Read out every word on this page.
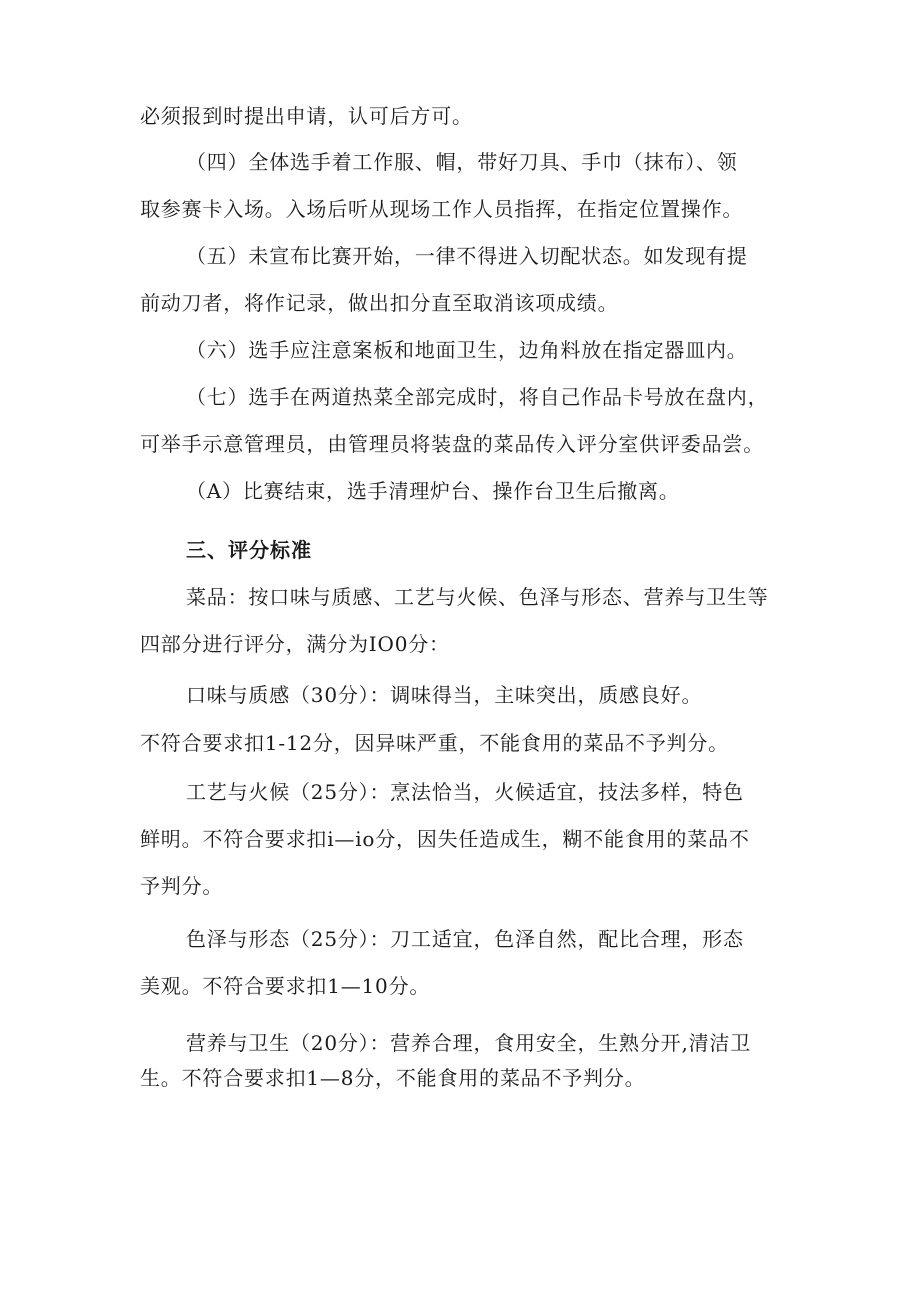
必须报到时提出申请，认可后方可。
（四）全体选手着工作服、帽，带好刀具、手巾（抹布）、领
取参赛卡入场。入场后听从现场工作人员指挥，在指定位置操作。
（五）未宣布比赛开始，一律不得进入切配状态。如发现有提
前动刀者，将作记录，做出扣分直至取消该项成绩。
（六）选手应注意案板和地面卫生，边角料放在指定器皿内。
（七）选手在两道热菜全部完成时，将自己作品卡号放在盘内，
可举手示意管理员，由管理员将装盘的菜品传入评分室供评委品尝。
（A）比赛结束，选手清理炉台、操作台卫生后撤离。
三、评分标准
菜品：按口味与质感、工艺与火候、色泽与形态、营养与卫生等
四部分进行评分，满分为IO0分：
口味与质感（30分）：调味得当，主味突出，质感良好。
不符合要求扣1-12分，因异味严重，不能食用的菜品不予判分。
工艺与火候（25分）：烹法恰当，火候适宜，技法多样，特色
鲜明。不符合要求扣i—io分，因失任造成生，糊不能食用的菜品不
予判分。
色泽与形态（25分）：刀工适宜，色泽自然，配比合理，形态
美观。不符合要求扣1—10分。
营养与卫生（20分）：营养合理，食用安全，生熟分开,清洁卫
生。不符合要求扣1—8分，不能食用的菜品不予判分。
